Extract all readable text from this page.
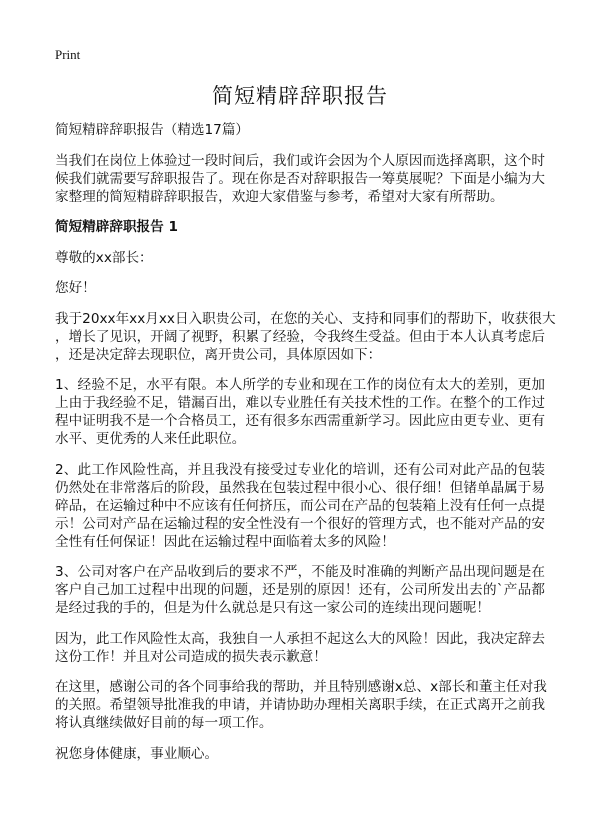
Print
简短精辟辞职报告
简短精辟辞职报告（精选17篇）
当我们在岗位上体验过一段时间后，我们或许会因为个人原因而选择离职，这个时
候我们就需要写辞职报告了。现在你是否对辞职报告一筹莫展呢？下面是小编为大
家整理的简短精辟辞职报告，欢迎大家借鉴与参考，希望对大家有所帮助。
简短精辟辞职报告 1
尊敬的xx部长：
您好！
我于20xx年xx月xx日入职贵公司，在您的关心、支持和同事们的帮助下，收获很大
，增长了见识，开阔了视野，积累了经验，令我终生受益。但由于本人认真考虑后
，还是决定辞去现职位，离开贵公司，具体原因如下：
1、经验不足，水平有限。本人所学的专业和现在工作的岗位有太大的差别，更加
上由于我经验不足，错漏百出，难以专业胜任有关技术性的工作。在整个的工作过
程中证明我不是一个合格员工，还有很多东西需重新学习。因此应由更专业、更有
水平、更优秀的人来任此职位。
2、此工作风险性高，并且我没有接受过专业化的培训，还有公司对此产品的包装
仍然处在非常落后的阶段，虽然我在包装过程中很小心、很仔细！但锗单晶属于易
碎品，在运输过种中不应该有任何挤压，而公司在产品的包装箱上没有任何一点提
示！公司对产品在运输过程的安全性没有一个很好的管理方式，也不能对产品的安
全性有任何保证！因此在运输过程中面临着太多的风险！
3、公司对客户在产品收到后的要求不严，不能及时准确的判断产品出现问题是在
客户自己加工过程中出现的问题，还是别的原因！还有，公司所发出去的`产品都
是经过我的手的，但是为什么就总是只有这一家公司的连续出现问题呢！
因为，此工作风险性太高，我独自一人承担不起这么大的风险！因此，我决定辞去
这份工作！并且对公司造成的损失表示歉意！
在这里，感谢公司的各个同事给我的帮助，并且特别感谢x总、x部长和董主任对我
的关照。希望领导批准我的申请，并请协助办理相关离职手续，在正式离开之前我
将认真继续做好目前的每一项工作。
祝您身体健康，事业顺心。
